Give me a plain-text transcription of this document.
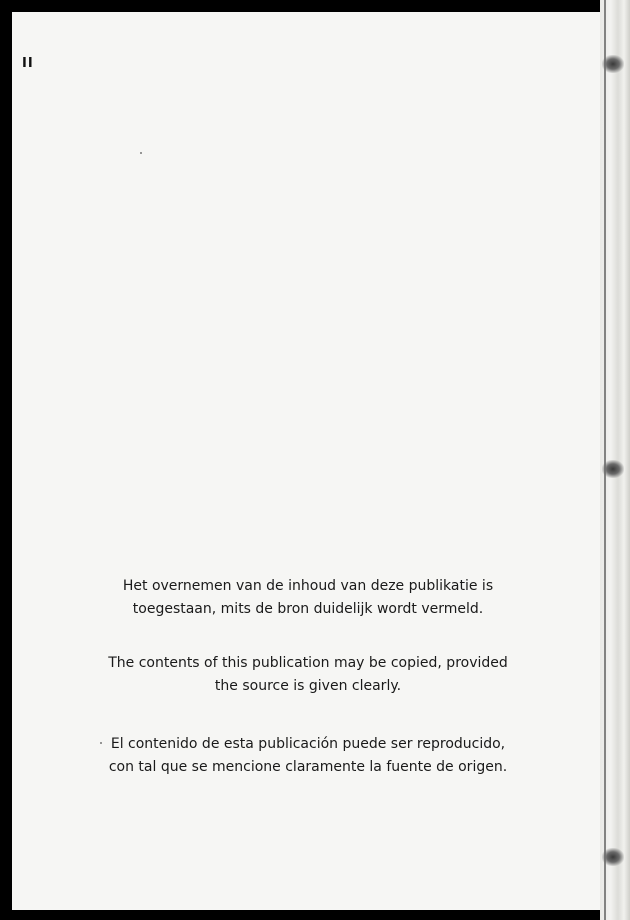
II

Het overnemen van de inhoud van deze publikatie is

toegestaan, mits de bron duidelijk wordt vermeld.

The contents of this publication may be copied, provided

the source is given clearly.

El contenido de esta publicación puede ser reproducido,

con tal que se mencione claramente la fuente de origen.
